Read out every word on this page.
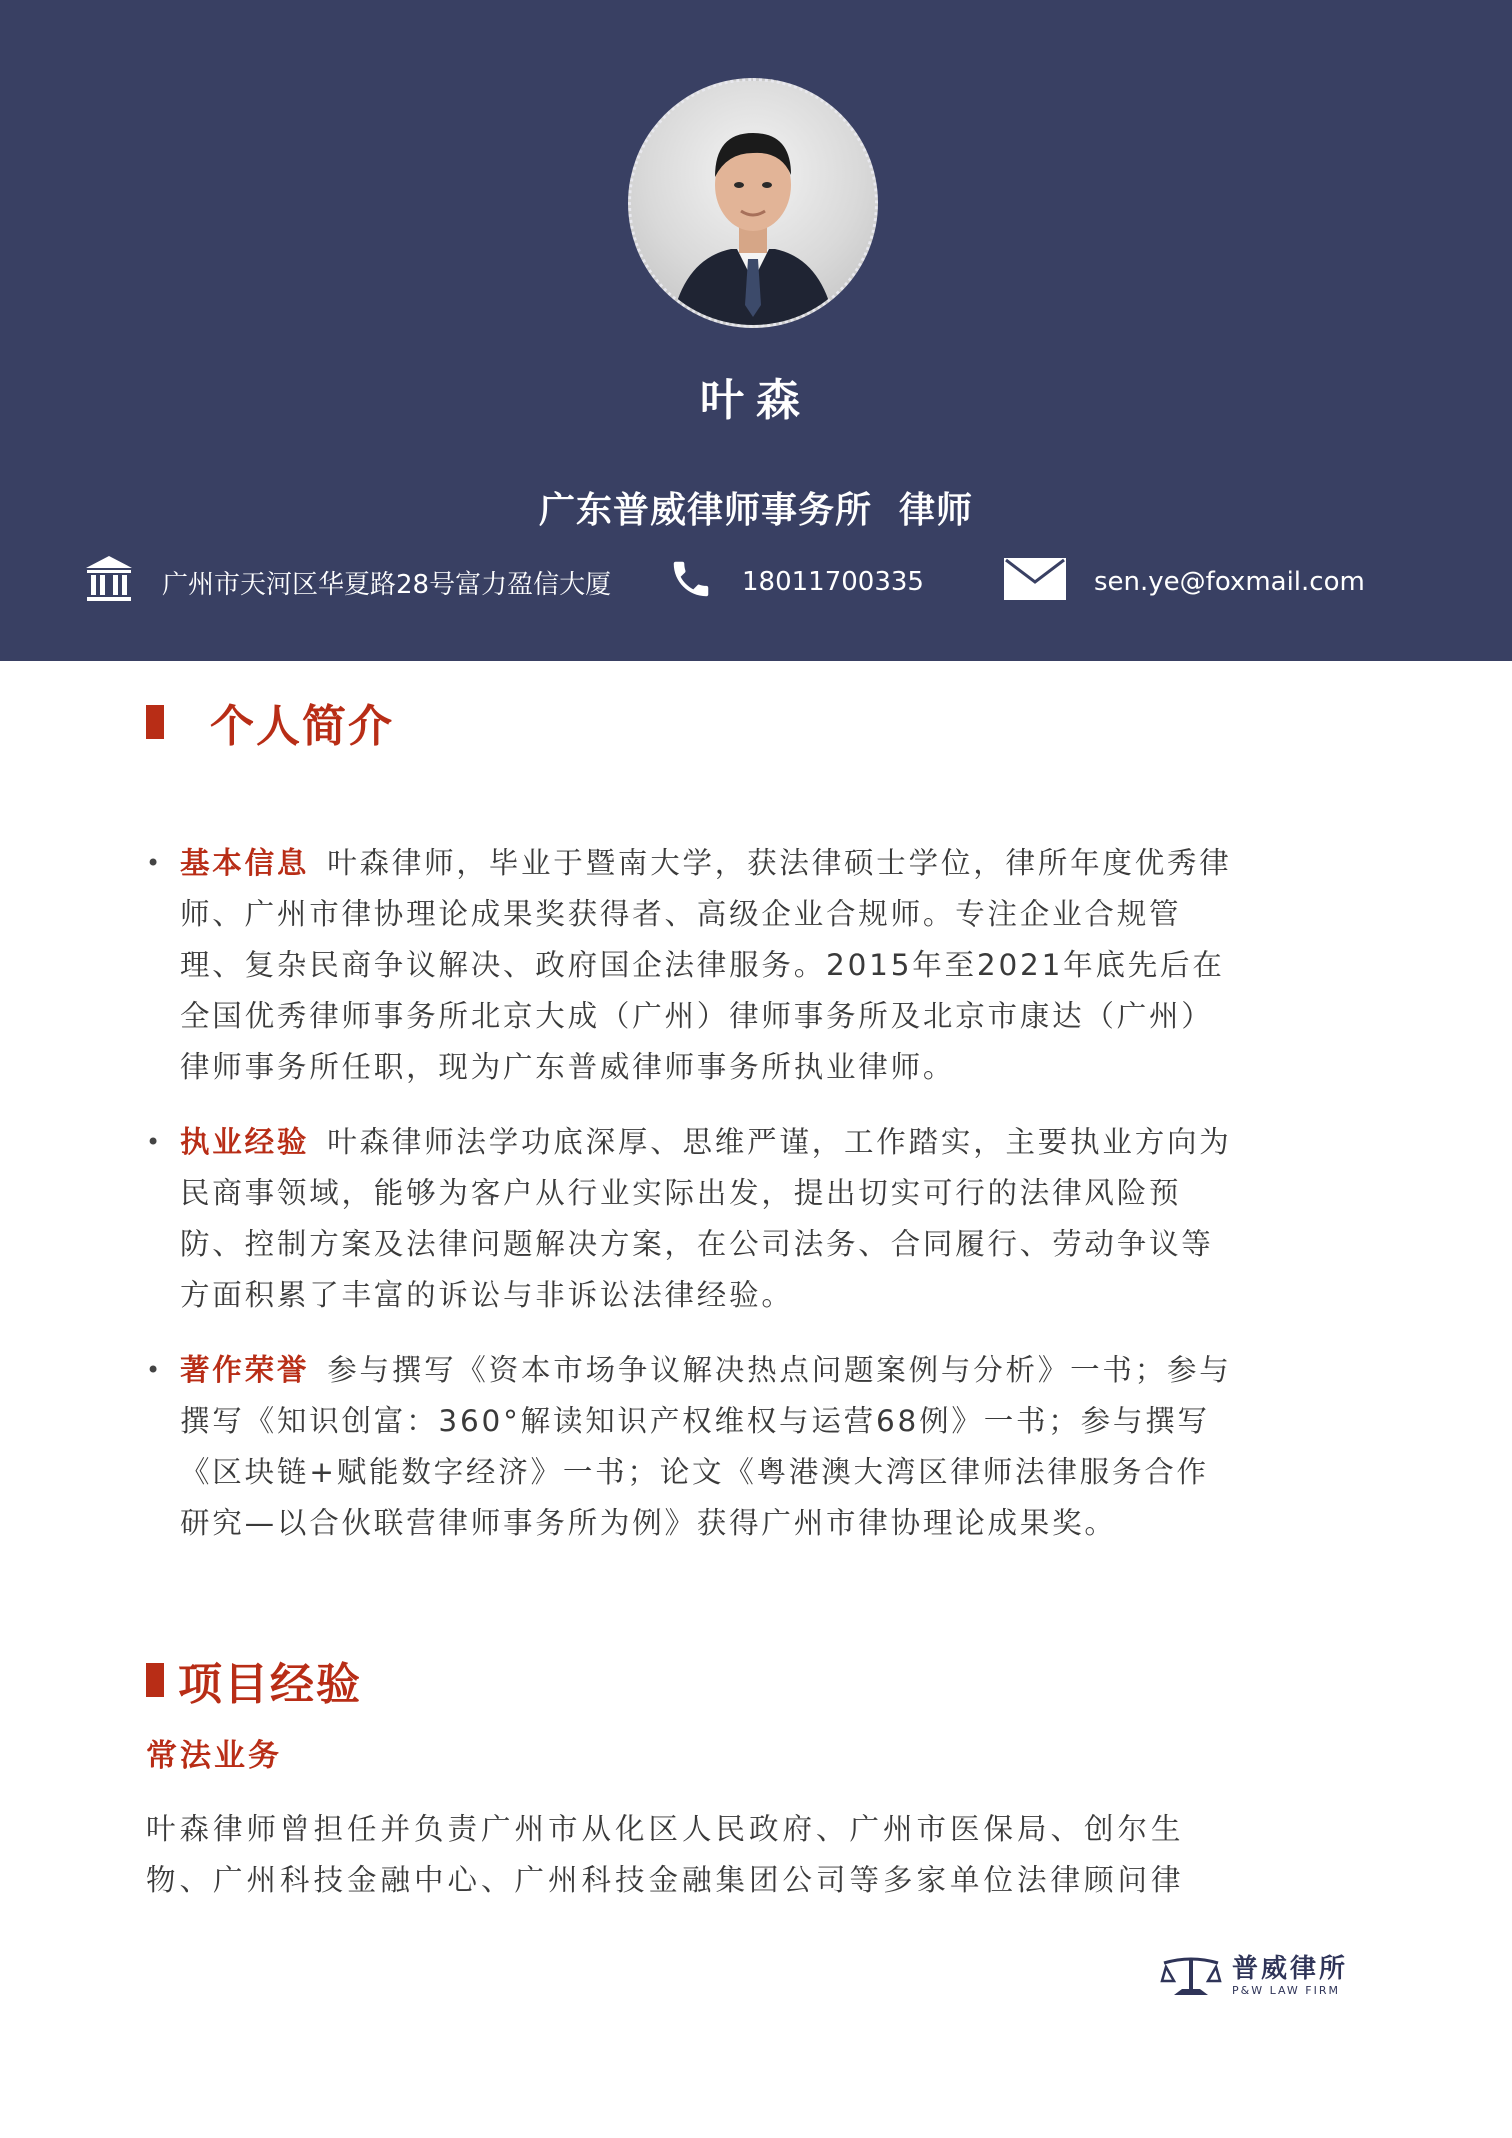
叶森
广东普威律师事务所  律师
广州市天河区华夏路28号富力盈信大厦	18011700335	sen.ye@foxmail.com
个人简介
• 基本信息 叶森律师，毕业于暨南大学，获法律硕士学位，律所年度优秀律师、广州市律协理论成果奖获得者、高级企业合规师。专注企业合规管理、复杂民商争议解决、政府国企法律服务。2015年至2021年底先后在全国优秀律师事务所北京大成（广州）律师事务所及北京市康达（广州）律师事务所任职，现为广东普威律师事务所执业律师。
• 执业经验 叶森律师法学功底深厚、思维严谨，工作踏实，主要执业方向为民商事领域，能够为客户从行业实际出发，提出切实可行的法律风险预防、控制方案及法律问题解决方案，在公司法务、合同履行、劳动争议等方面积累了丰富的诉讼与非诉讼法律经验。
• 著作荣誉 参与撰写《资本市场争议解决热点问题案例与分析》一书；参与撰写《知识创富：360°解读知识产权维权与运营68例》一书；参与撰写《区块链+赋能数字经济》一书；论文《粤港澳大湾区律师法律服务合作研究—以合伙联营律师事务所为例》获得广州市律协理论成果奖。
项目经验
常法业务

叶森律师曾担任并负责广州市从化区人民政府、广州市医保局、创尔生物、广州科技金融中心、广州科技金融集团公司等多家单位法律顾问律

普威律所
P&W LAW FIRM
